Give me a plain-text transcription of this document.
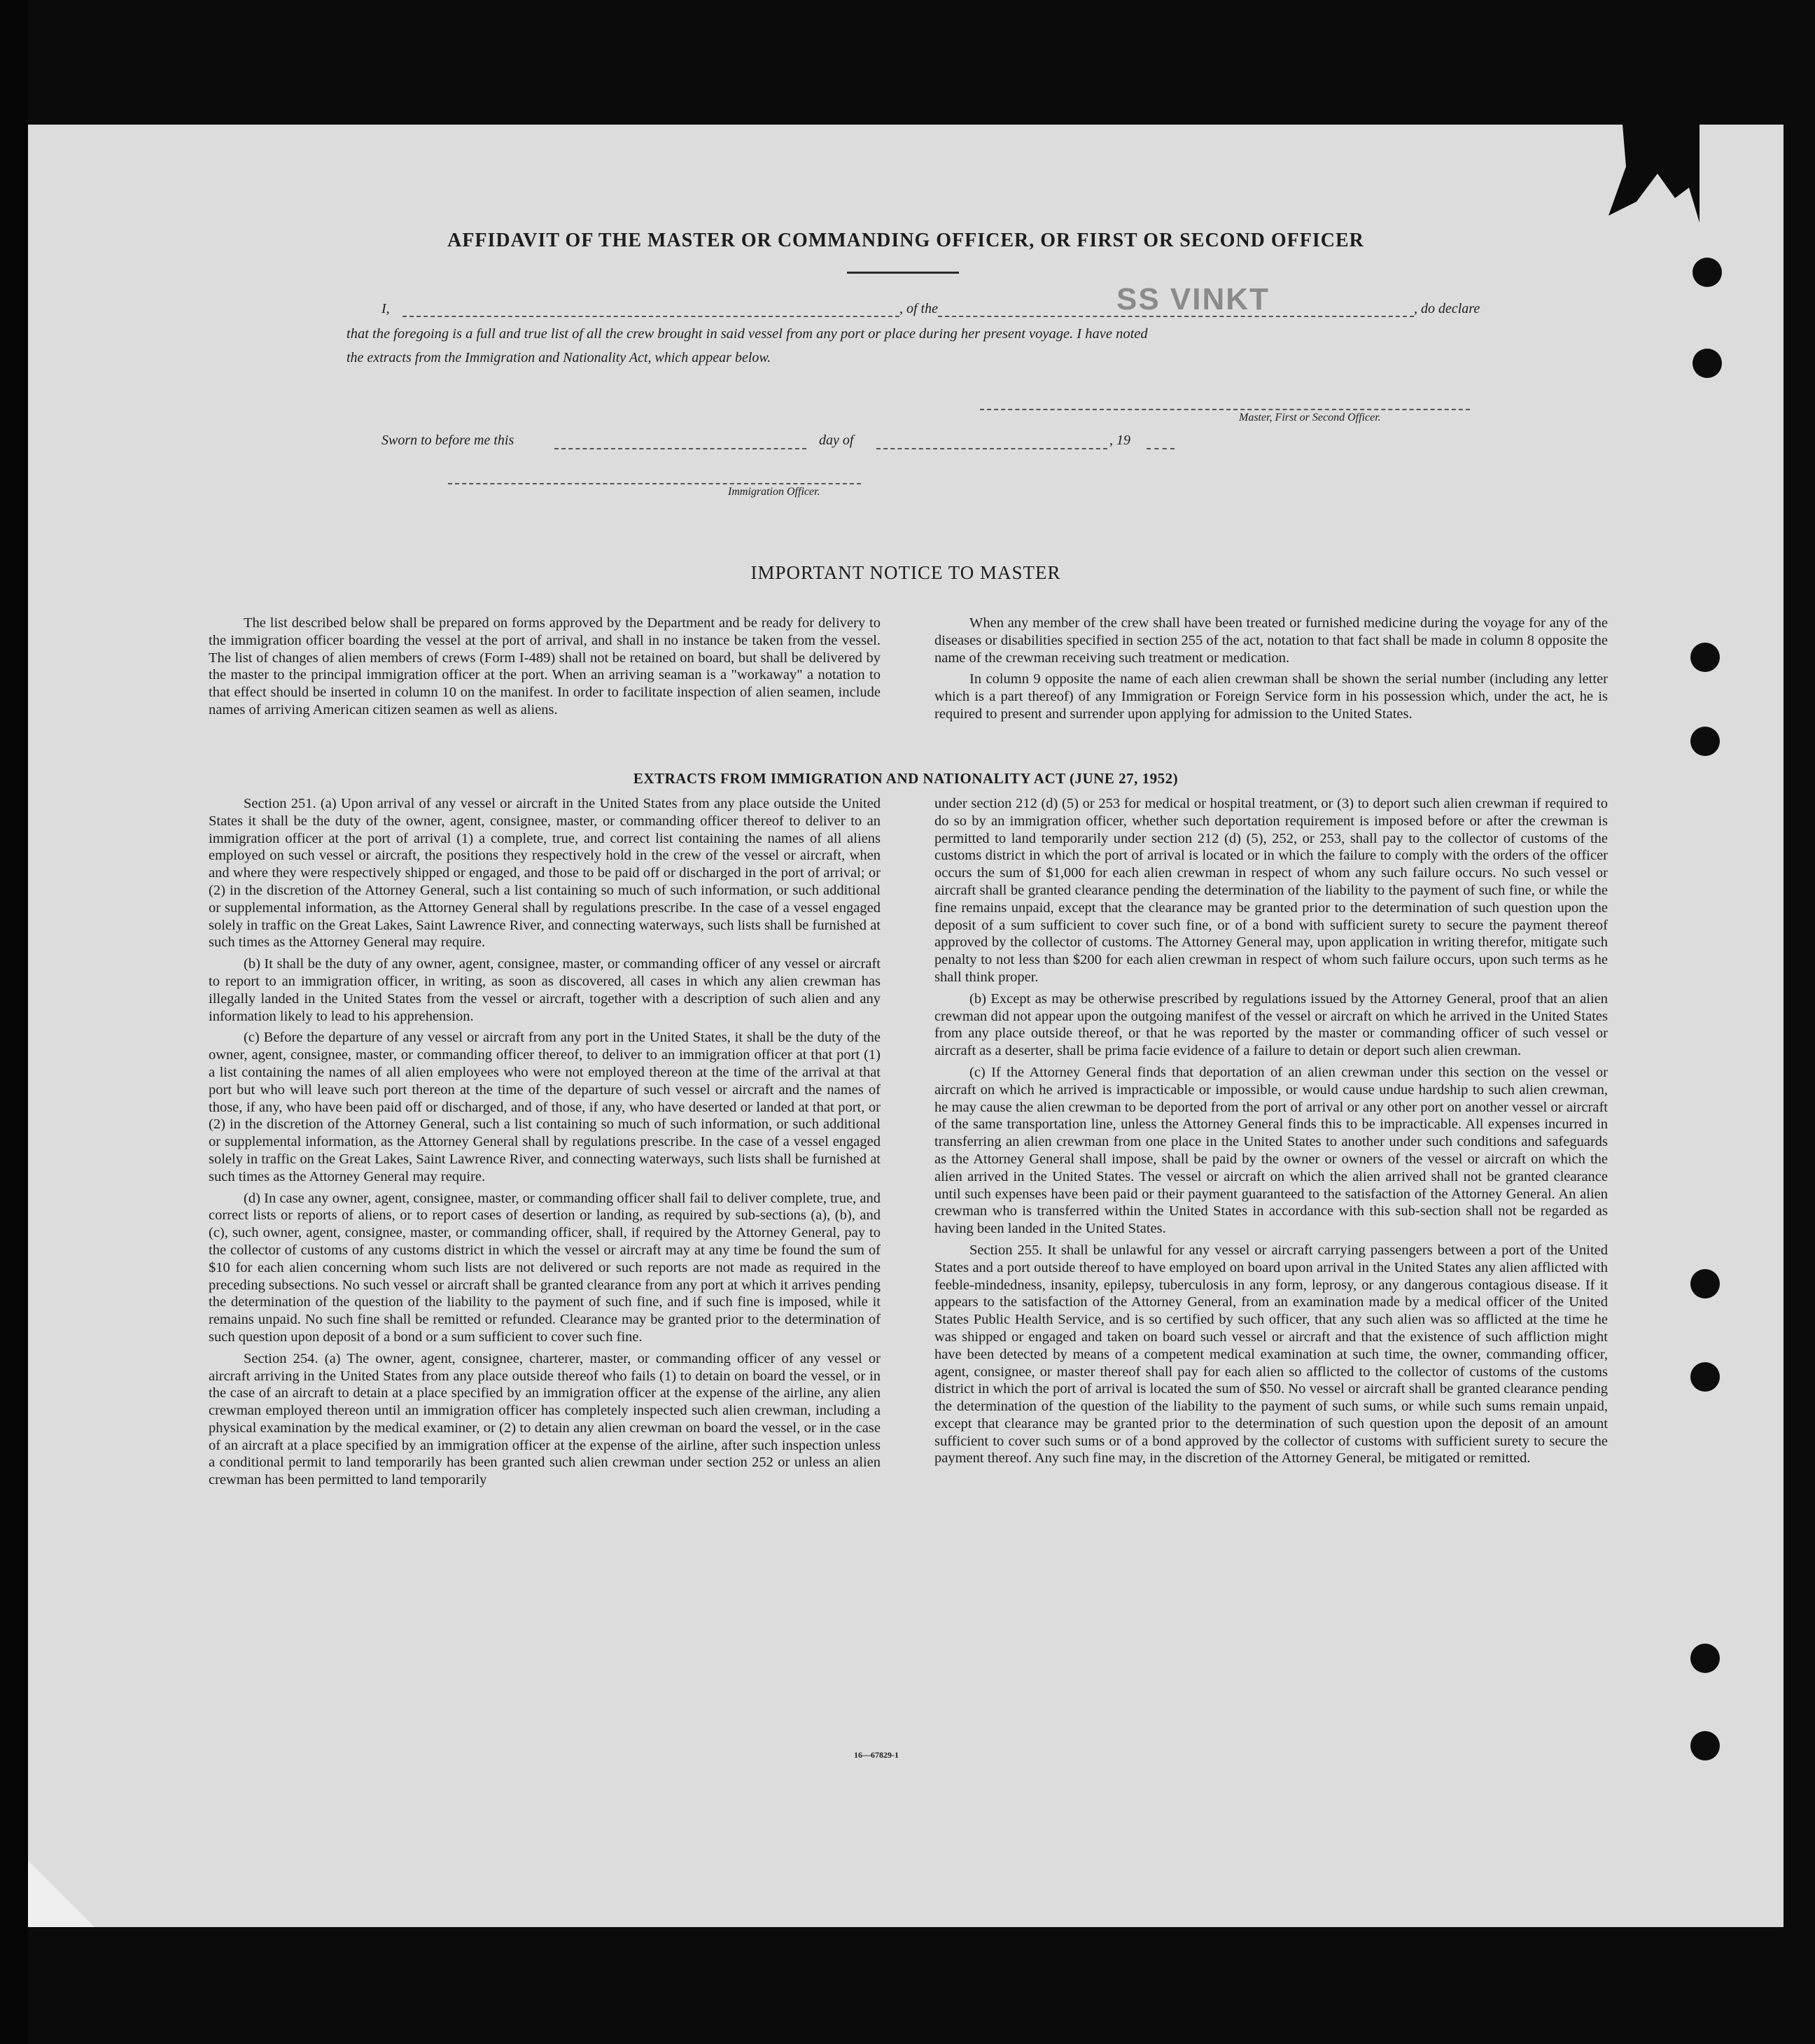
AFFIDAVIT OF THE MASTER OR COMMANDING OFFICER, OR FIRST OR SECOND OFFICER
I,	, of the	SS VINKT	, do declare
that the foregoing is a full and true list of all the crew brought in said vessel from any port or place during her present voyage. I have noted
the extracts from the Immigration and Nationality Act, which appear below.
Master, First or Second Officer.
Sworn to before me this	day of	, 19
Immigration Officer.
IMPORTANT NOTICE TO MASTER

The list described below shall be prepared on forms approved by the Department and be ready for delivery to the immigration officer boarding the vessel at the port of arrival, and shall in no instance be taken from the vessel. The list of changes of alien members of crews (Form I-489) shall not be retained on board, but shall be delivered by the master to the principal immigration officer at the port. When an arriving seaman is a "workaway" a notation to that effect should be inserted in column 10 on the manifest. In order to facilitate inspection of alien seamen, include names of arriving American citizen seamen as well as aliens.

When any member of the crew shall have been treated or furnished medicine during the voyage for any of the diseases or disabilities specified in section 255 of the act, notation to that fact shall be made in column 8 opposite the name of the crewman receiving such treatment or medication.

In column 9 opposite the name of each alien crewman shall be shown the serial number (including any letter which is a part thereof) of any Immigration or Foreign Service form in his possession which, under the act, he is required to present and surrender upon applying for admission to the United States.

EXTRACTS FROM IMMIGRATION AND NATIONALITY ACT (JUNE 27, 1952)

Section 251. (a) Upon arrival of any vessel or aircraft in the United States from any place outside the United States it shall be the duty of the owner, agent, consignee, master, or commanding officer thereof to deliver to an immigration officer at the port of arrival (1) a complete, true, and correct list containing the names of all aliens employed on such vessel or aircraft, the positions they respectively hold in the crew of the vessel or aircraft, when and where they were respectively shipped or engaged, and those to be paid off or discharged in the port of arrival; or (2) in the discretion of the Attorney General, such a list containing so much of such information, or such additional or supplemental information, as the Attorney General shall by regulations prescribe. In the case of a vessel engaged solely in traffic on the Great Lakes, Saint Lawrence River, and connecting waterways, such lists shall be furnished at such times as the Attorney General may require.

(b) It shall be the duty of any owner, agent, consignee, master, or commanding officer of any vessel or aircraft to report to an immigration officer, in writing, as soon as discovered, all cases in which any alien crewman has illegally landed in the United States from the vessel or aircraft, together with a description of such alien and any information likely to lead to his apprehension.

(c) Before the departure of any vessel or aircraft from any port in the United States, it shall be the duty of the owner, agent, consignee, master, or commanding officer thereof, to deliver to an immigration officer at that port (1) a list containing the names of all alien employees who were not employed thereon at the time of the arrival at that port but who will leave such port thereon at the time of the departure of such vessel or aircraft and the names of those, if any, who have been paid off or discharged, and of those, if any, who have deserted or landed at that port, or (2) in the discretion of the Attorney General, such a list containing so much of such information, or such additional or supplemental information, as the Attorney General shall by regulations prescribe. In the case of a vessel engaged solely in traffic on the Great Lakes, Saint Lawrence River, and connecting waterways, such lists shall be furnished at such times as the Attorney General may require.

(d) In case any owner, agent, consignee, master, or commanding officer shall fail to deliver complete, true, and correct lists or reports of aliens, or to report cases of desertion or landing, as required by sub-sections (a), (b), and (c), such owner, agent, consignee, master, or commanding officer, shall, if required by the Attorney General, pay to the collector of customs of any customs district in which the vessel or aircraft may at any time be found the sum of $10 for each alien concerning whom such lists are not delivered or such reports are not made as required in the preceding subsections. No such vessel or aircraft shall be granted clearance from any port at which it arrives pending the determination of the question of the liability to the payment of such fine, and if such fine is imposed, while it remains unpaid. No such fine shall be remitted or refunded. Clearance may be granted prior to the determination of such question upon deposit of a bond or a sum sufficient to cover such fine.

Section 254. (a) The owner, agent, consignee, charterer, master, or commanding officer of any vessel or aircraft arriving in the United States from any place outside thereof who fails (1) to detain on board the vessel, or in the case of an aircraft to detain at a place specified by an immigration officer at the expense of the airline, any alien crewman employed thereon until an immigration officer has completely inspected such alien crewman, including a physical examination by the medical examiner, or (2) to detain any alien crewman on board the vessel, or in the case of an aircraft at a place specified by an immigration officer at the expense of the airline, after such inspection unless a conditional permit to land temporarily has been granted such alien crewman under section 252 or unless an alien crewman has been permitted to land temporarily

under section 212 (d) (5) or 253 for medical or hospital treatment, or (3) to deport such alien crewman if required to do so by an immigration officer, whether such deportation requirement is imposed before or after the crewman is permitted to land temporarily under section 212 (d) (5), 252, or 253, shall pay to the collector of customs of the customs district in which the port of arrival is located or in which the failure to comply with the orders of the officer occurs the sum of $1,000 for each alien crewman in respect of whom any such failure occurs. No such vessel or aircraft shall be granted clearance pending the determination of the liability to the payment of such fine, or while the fine remains unpaid, except that the clearance may be granted prior to the determination of such question upon the deposit of a sum sufficient to cover such fine, or of a bond with sufficient surety to secure the payment thereof approved by the collector of customs. The Attorney General may, upon application in writing therefor, mitigate such penalty to not less than $200 for each alien crewman in respect of whom such failure occurs, upon such terms as he shall think proper.

(b) Except as may be otherwise prescribed by regulations issued by the Attorney General, proof that an alien crewman did not appear upon the outgoing manifest of the vessel or aircraft on which he arrived in the United States from any place outside thereof, or that he was reported by the master or commanding officer of such vessel or aircraft as a deserter, shall be prima facie evidence of a failure to detain or deport such alien crewman.

(c) If the Attorney General finds that deportation of an alien crewman under this section on the vessel or aircraft on which he arrived is impracticable or impossible, or would cause undue hardship to such alien crewman, he may cause the alien crewman to be deported from the port of arrival or any other port on another vessel or aircraft of the same transportation line, unless the Attorney General finds this to be impracticable. All expenses incurred in transferring an alien crewman from one place in the United States to another under such conditions and safeguards as the Attorney General shall impose, shall be paid by the owner or owners of the vessel or aircraft on which the alien arrived in the United States. The vessel or aircraft on which the alien arrived shall not be granted clearance until such expenses have been paid or their payment guaranteed to the satisfaction of the Attorney General. An alien crewman who is transferred within the United States in accordance with this sub-section shall not be regarded as having been landed in the United States.

Section 255. It shall be unlawful for any vessel or aircraft carrying passengers between a port of the United States and a port outside thereof to have employed on board upon arrival in the United States any alien afflicted with feeble-mindedness, insanity, epilepsy, tuberculosis in any form, leprosy, or any dangerous contagious disease. If it appears to the satisfaction of the Attorney General, from an examination made by a medical officer of the United States Public Health Service, and is so certified by such officer, that any such alien was so afflicted at the time he was shipped or engaged and taken on board such vessel or aircraft and that the existence of such affliction might have been detected by means of a competent medical examination at such time, the owner, commanding officer, agent, consignee, or master thereof shall pay for each alien so afflicted to the collector of customs of the customs district in which the port of arrival is located the sum of $50. No vessel or aircraft shall be granted clearance pending the determination of the question of the liability to the payment of such sums, or while such sums remain unpaid, except that clearance may be granted prior to the determination of such question upon the deposit of an amount sufficient to cover such sums or of a bond approved by the collector of customs with sufficient surety to secure the payment thereof. Any such fine may, in the discretion of the Attorney General, be mitigated or remitted.

16—67829-1
